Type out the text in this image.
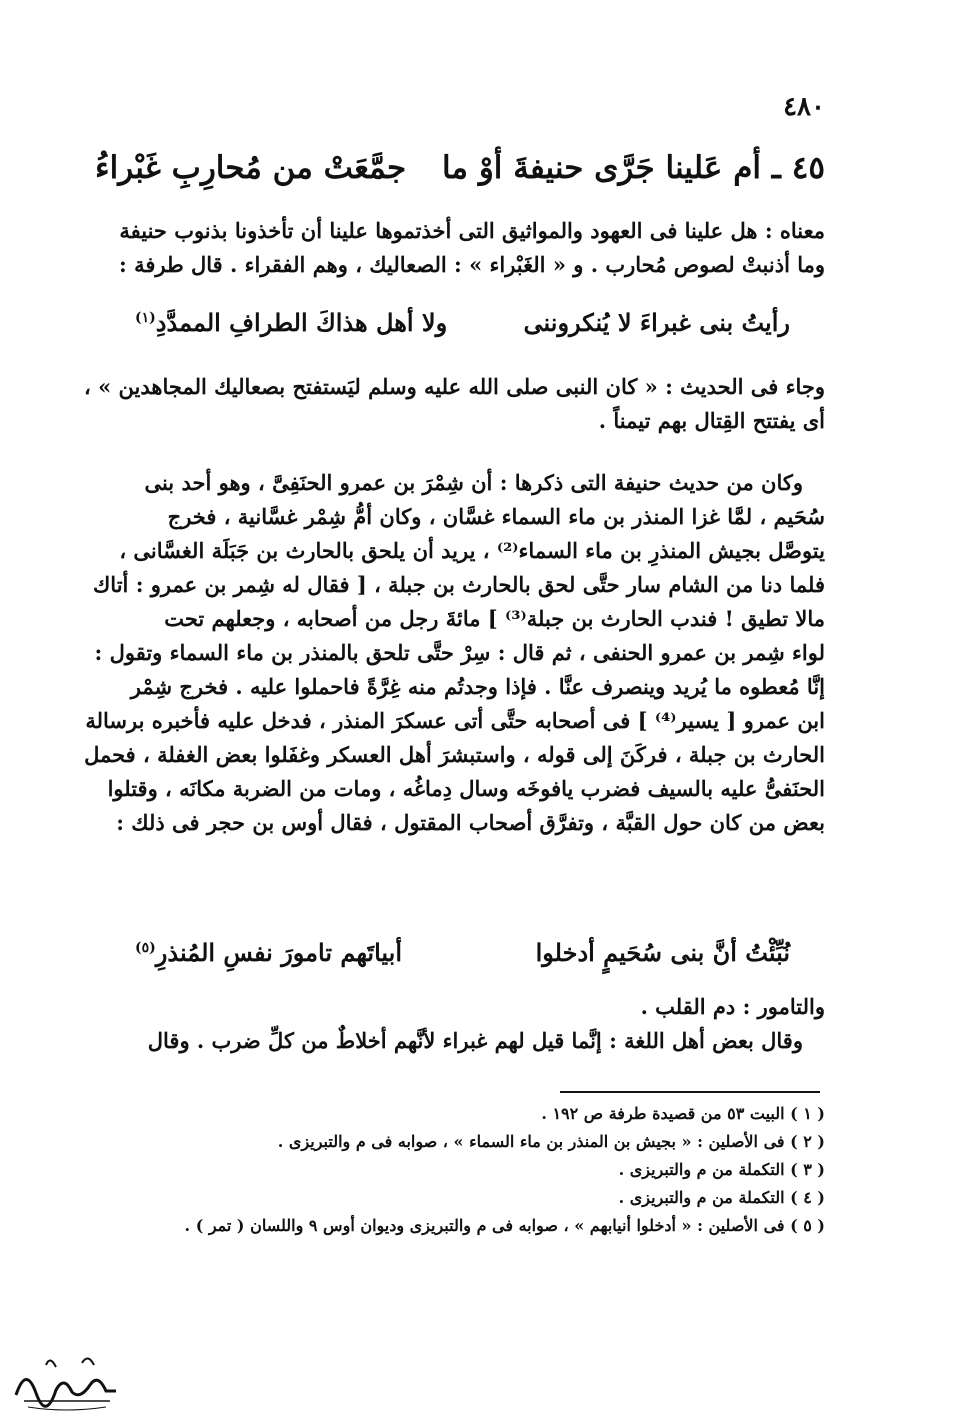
٤٨٠
٤٥ ـ أم عَلينا جَرَّى حنيفةَ أوْ ما
جمَّعَتْ من مُحارِبِ غَبْراءُ

معناه : هل علينا فى العهود والمواثيق التى أخذتموها علينا أن تأخذونا بذنوب حنيفة

وما أذنبتْ لصوص مُحارب . و « الغَبْراء » : الصعاليك ، وهم الفقراء . قال طرفة :

رأيتُ بنى غبراءَ لا يُنكروننى
ولا أهل هذاكَ الطرافِ الممدَّدِ$^{(١)}$

وجاء فى الحديث : « كان النبى صلى الله عليه وسلم ليَستفتح بصعاليك المجاهدين » ،

أى يفتتح القِتال بهم تيمناً .

وكان من حديث حنيفة التى ذكرها : أن شِمْرَ بن عمرو الحنَفِىَّ ، وهو أحد بنى

سُحَيم ، لمَّا غزا المنذر بن ماء السماء غسَّان ، وكان أمُّ شِمْر غسَّانية ، فخرج

يتوصَّل بجيش المنذرِ بن ماء السماء⁽²⁾ ، يريد أن يلحق بالحارث بن جَبَلَة الغسَّانى ،

فلما دنا من الشام سار حتَّى لحق بالحارث بن جبلة ، [ فقال له شِمر بن عمرو : أتاك

مالا تطيق ! فندب الحارث بن جبلة⁽³⁾ ] مائةَ رجل من أصحابه ، وجعلهم تحت

لواء شِمر بن عمرو الحنفى ، ثم قال : سِرْ حتَّى تلحق بالمنذر بن ماء السماء وتقول :

إنَّا مُعطوه ما يُريد وينصرف عنَّا . فإذا وجدتُم منه غِرَّةً فاحملوا عليه . فخرج شِمْر

ابن عمرو [ يسير⁽⁴⁾ ] فى أصحابه حتَّى أتى عسكرَ المنذر ، فدخل عليه فأخبره برسالة

الحارث بن جبلة ، فركَنَ إلى قوله ، واستبشرَ أهل العسكر وغفَلوا بعض الغفلة ، فحمل

الحنَفىُّ عليه بالسيف فضرب يافوخَه وسال دِماغُه ، ومات من الضربة مكانَه ، وقتلوا

بعض من كان حول القبَّة ، وتفرَّق أصحاب المقتول ، فقال أوس بن حجر فى ذلك :

نُبِّئْتُ أنَّ بنى سُحَيمٍ أدخلوا
أبياتَهم تامورَ نفسِ المُنذرِ$^{(٥)}$

والتامور : دم القلب .

وقال بعض أهل اللغة : إنَّما قيل لهم غبراء لأنَّهم أخلاطٌ من كلِّ ضرب . وقال

( ١ ) البيت ٥٣ من قصيدة طرفة ص ١٩٢ .
( ٢ ) فى الأصلين : « بجيش بن المنذر بن ماء السماء » ، صوابه فى م والتبريزى .
( ٣ ) التكملة من م والتبريزى .
( ٤ ) التكملة من م والتبريزى .
( ٥ ) فى الأصلين : « أدخلوا أنيابهم » ، صوابه فى م والتبريزى وديوان أوس ٩ واللسان ( تمر ) .
